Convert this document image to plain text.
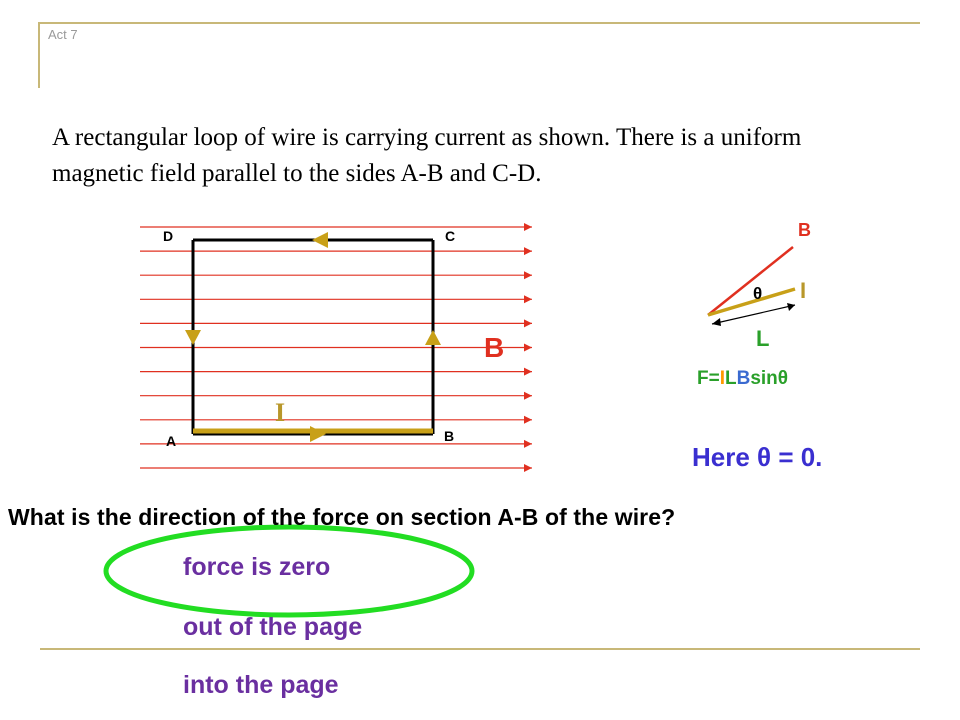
Act 7
A rectangular loop of wire is carrying current as shown. There is a uniform magnetic field parallel to the sides A-B and C-D.
D	C
A	B
B
I
B
I
L
θ
F=ILBsinθ
Here θ = 0.
What is the direction of the force on section A-B of the wire?
force is zero
out of the page
into the page
